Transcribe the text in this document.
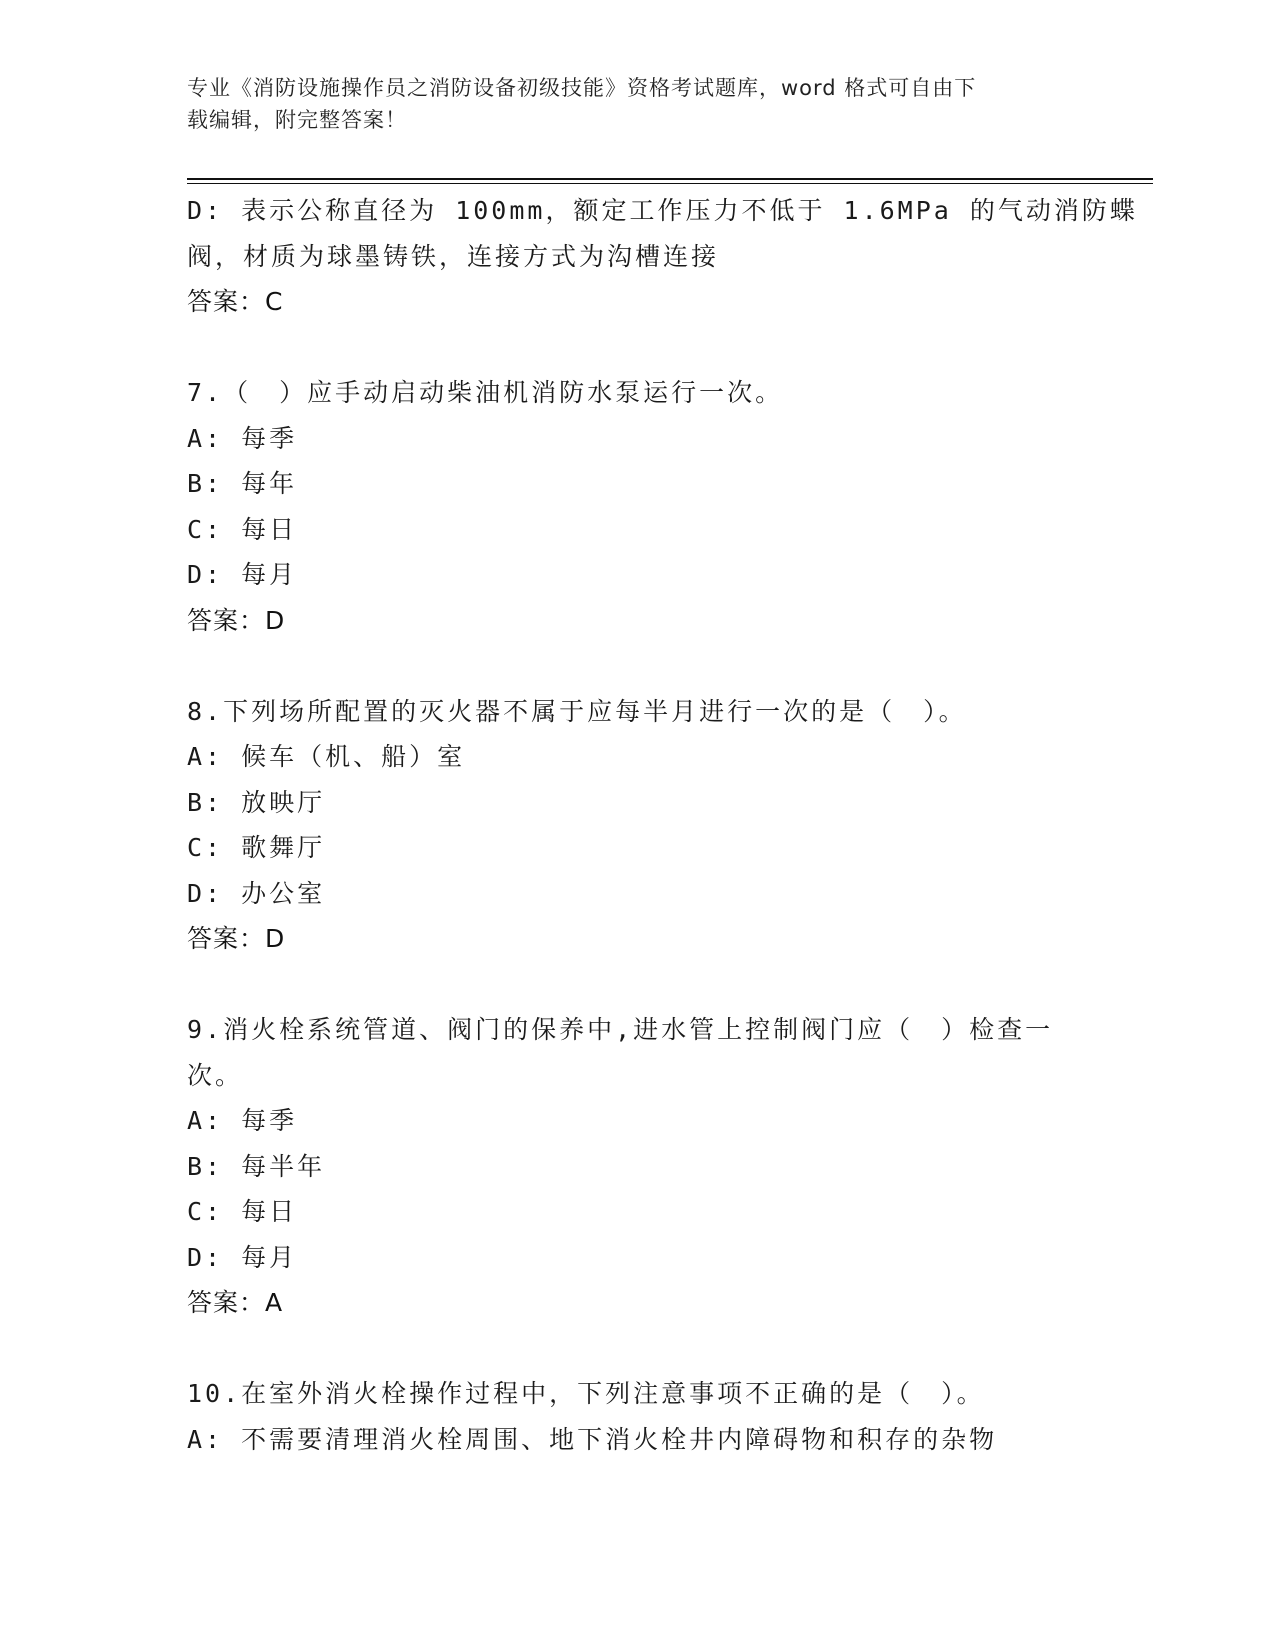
专业《消防设施操作员之消防设备初级技能》资格考试题库，word 格式可自由下
载编辑，附完整答案！
D: 表示公称直径为 100mm，额定工作压力不低于 1.6MPa 的气动消防蝶
阀，材质为球墨铸铁，连接方式为沟槽连接
答案：C
7.（　）应手动启动柴油机消防水泵运行一次。
A: 每季
B: 每年
C: 每日
D: 每月
答案：D
8.下列场所配置的灭火器不属于应每半月进行一次的是（　）。
A: 候车（机、船）室
B: 放映厅
C: 歌舞厅
D: 办公室
答案：D
9.消火栓系统管道、阀门的保养中,进水管上控制阀门应（　）检查一
次。
A: 每季
B: 每半年
C: 每日
D: 每月
答案：A
10.在室外消火栓操作过程中，下列注意事项不正确的是（　）。
A: 不需要清理消火栓周围、地下消火栓井内障碍物和积存的杂物
